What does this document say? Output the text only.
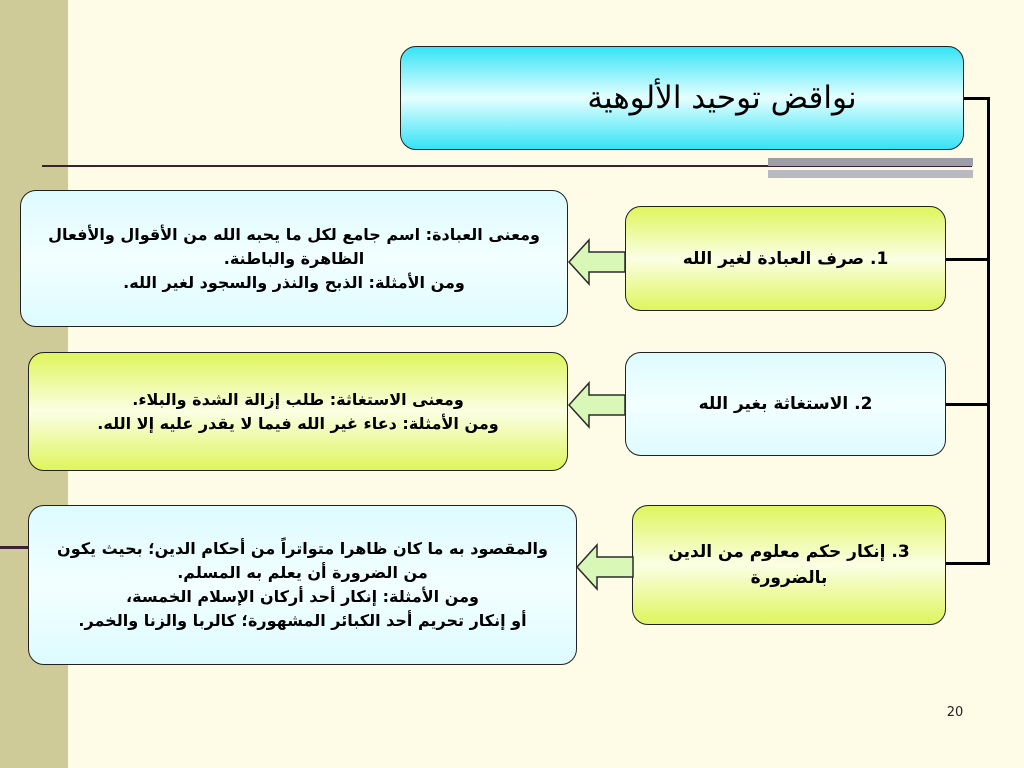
نواقض توحيد الألوهية
1. صرف العبادة لغير الله
ومعنى العبادة: اسم جامع لكل ما يحبه الله من الأقوال والأفعال
الظاهرة والباطنة.
ومن الأمثلة: الذبح والنذر والسجود لغير الله.
2. الاستغاثة بغير الله
ومعنى الاستغاثة: طلب إزالة الشدة والبلاء.
ومن الأمثلة: دعاء غير الله فيما لا يقدر عليه إلا الله.
3. إنكار حكم معلوم من الدين
بالضرورة
والمقصود به ما كان ظاهرا متواتراً من أحكام الدين؛ بحيث يكون
من الضرورة أن يعلم به المسلم.
ومن الأمثلة: إنكار أحد أركان الإسلام الخمسة،
أو إنكار تحريم أحد الكبائر المشهورة؛ كالربا والزنا والخمر.
20
